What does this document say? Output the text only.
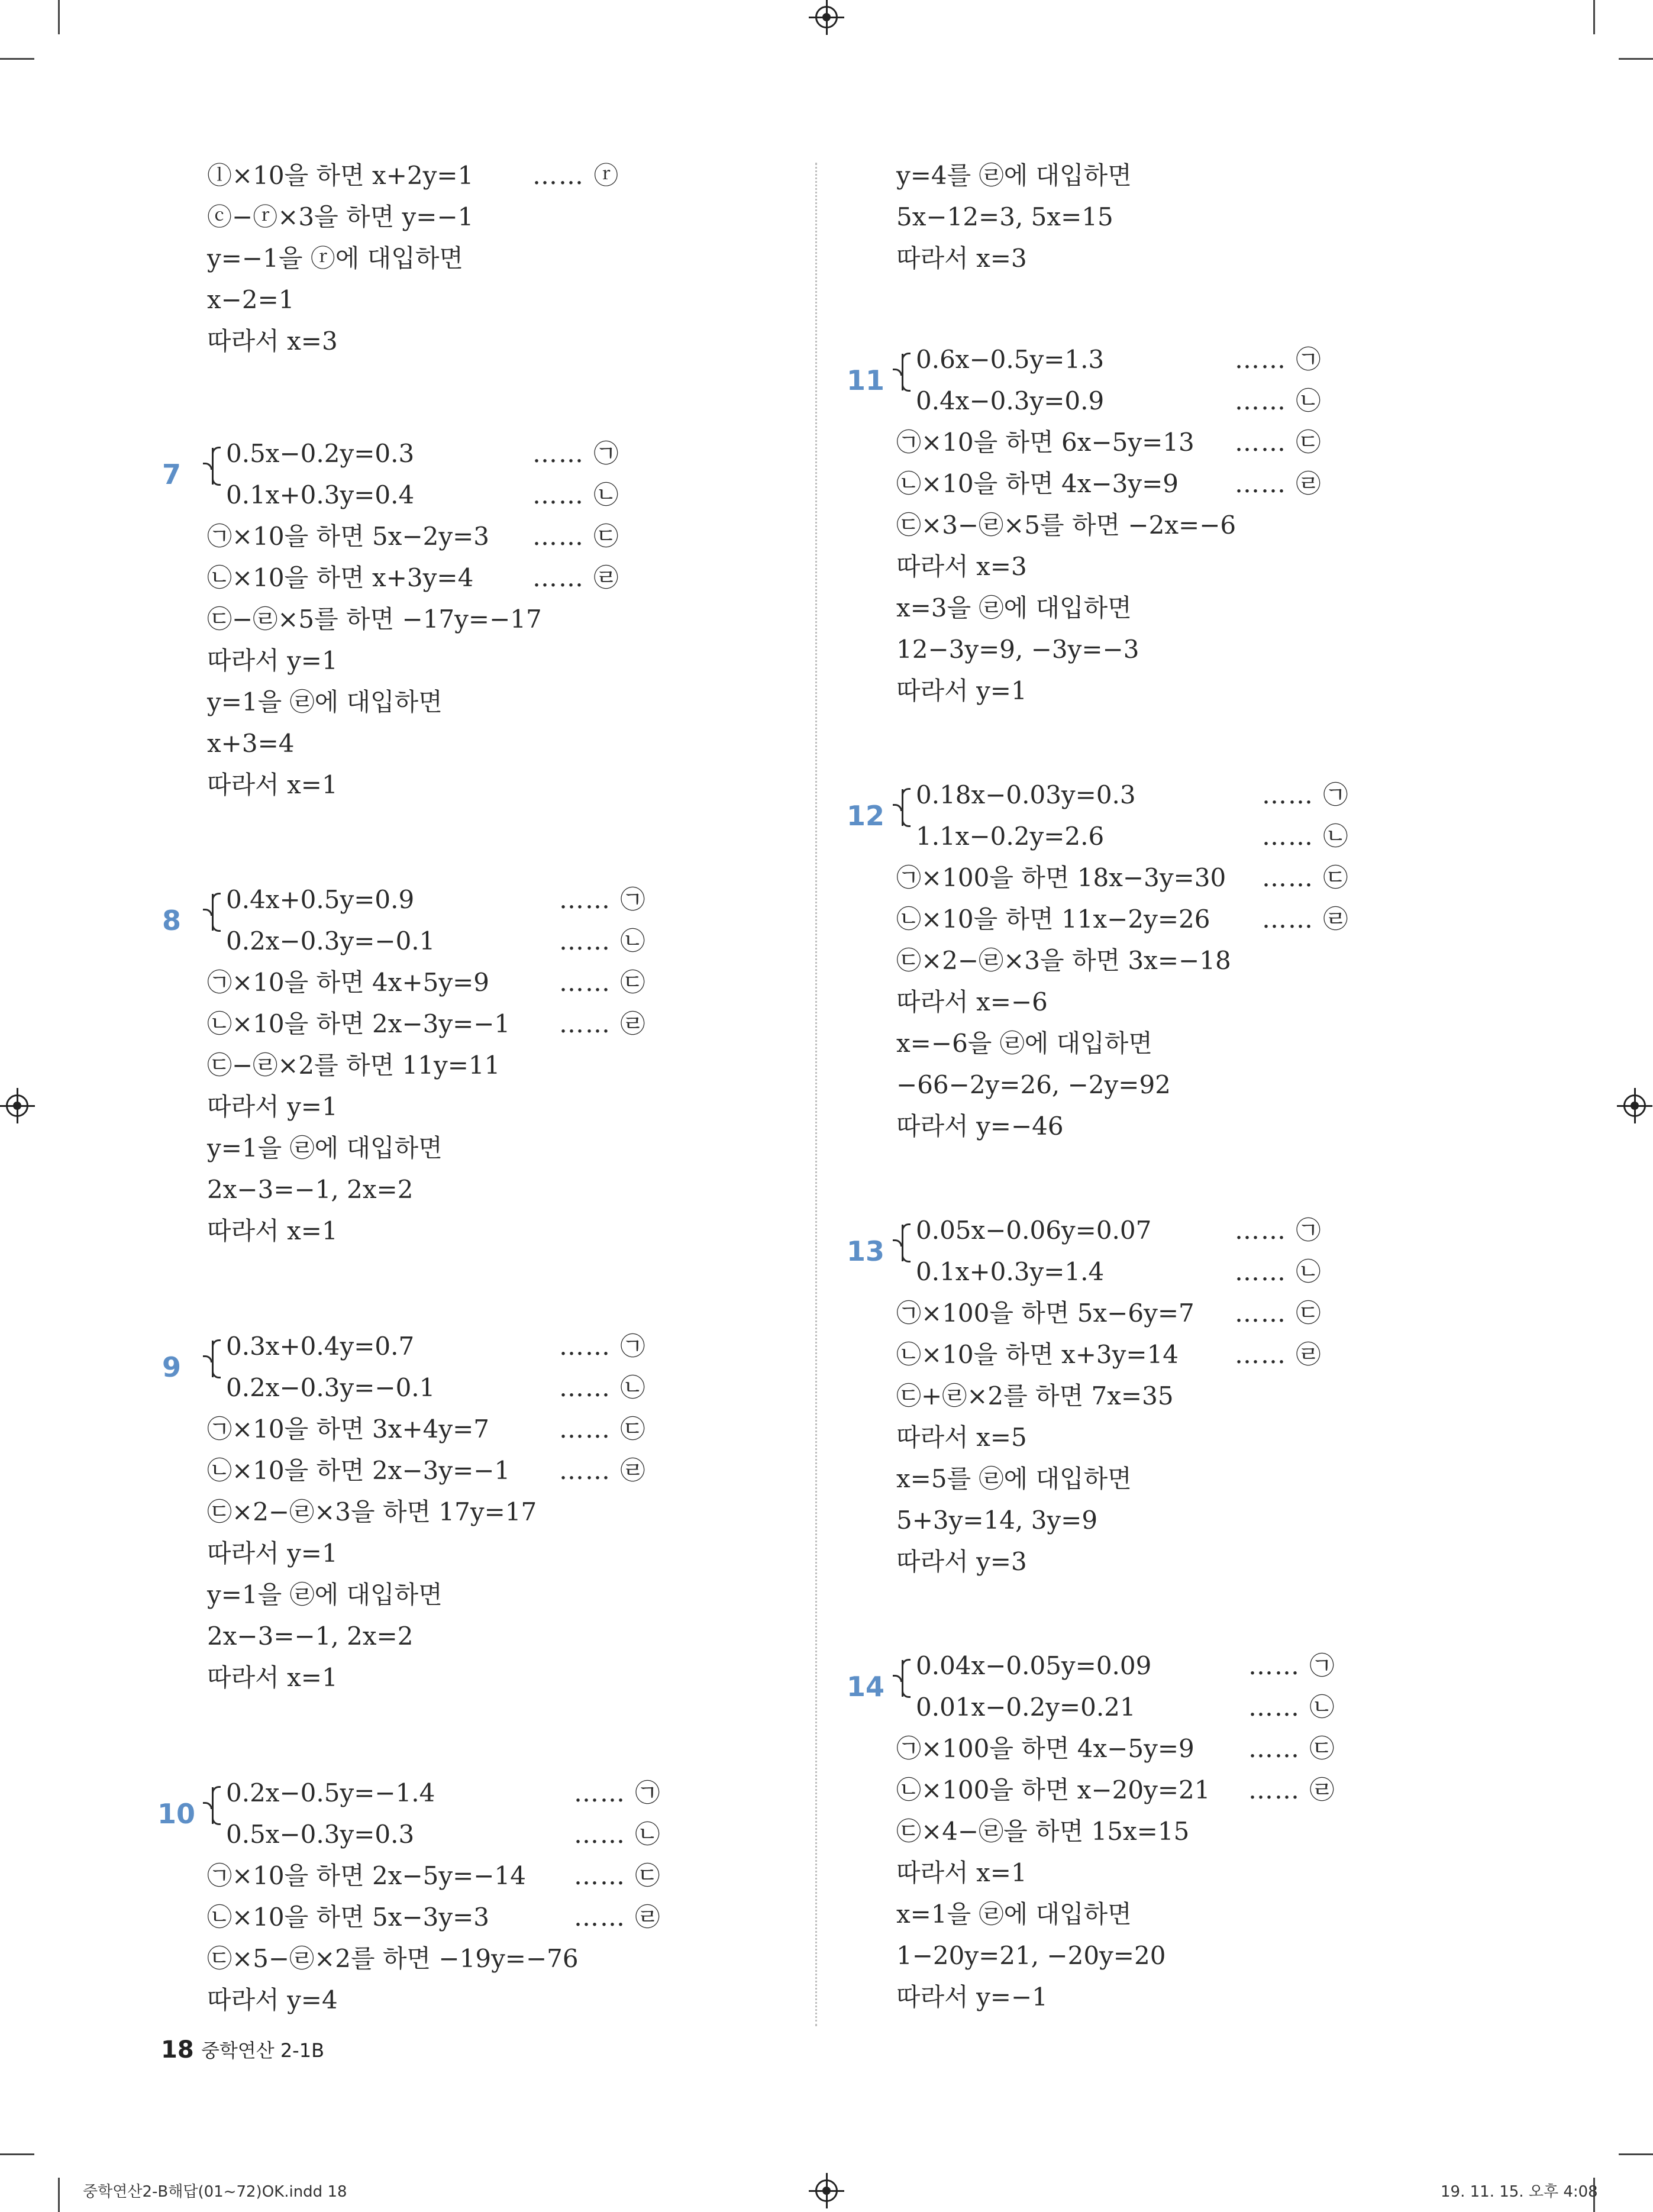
ⓛ×10을 하면 x+2y=1 …… ⓡ
ⓒ−ⓡ×3을 하면 y=−1
y=−1을 ⓡ에 대입하면
x−2=1
따라서 x=3
7
0.5x−0.2y=0.3	…… ㉠
0.1x+0.3y=0.4	…… ㉡
㉠×10을 하면 5x−2y=3 …… ㉢
㉡×10을 하면 x+3y=4 …… ㉣
㉢−㉣×5를 하면 −17y=−17
따라서 y=1
y=1을 ㉣에 대입하면
x+3=4
따라서 x=1
8
0.4x+0.5y=0.9	…… ㉠
0.2x−0.3y=−0.1	…… ㉡
㉠×10을 하면 4x+5y=9	…… ㉢
㉡×10을 하면 2x−3y=−1 …… ㉣
㉢−㉣×2를 하면 11y=11
따라서 y=1
y=1을 ㉣에 대입하면
2x−3=−1, 2x=2
따라서 x=1
9
0.3x+0.4y=0.7	…… ㉠
0.2x−0.3y=−0.1	…… ㉡
㉠×10을 하면 3x+4y=7	…… ㉢
㉡×10을 하면 2x−3y=−1 …… ㉣
㉢×2−㉣×3을 하면 17y=17
따라서 y=1
y=1을 ㉣에 대입하면
2x−3=−1, 2x=2
따라서 x=1
10
0.2x−0.5y=−1.4	…… ㉠
0.5x−0.3y=0.3	…… ㉡
㉠×10을 하면 2x−5y=−14 …… ㉢
㉡×10을 하면 5x−3y=3	…… ㉣
㉢×5−㉣×2를 하면 −19y=−76
따라서 y=4
y=4를 ㉣에 대입하면
5x−12=3, 5x=15
따라서 x=3
11
0.6x−0.5y=1.3	…… ㉠
0.4x−0.3y=0.9	…… ㉡
㉠×10을 하면 6x−5y=13 …… ㉢
㉡×10을 하면 4x−3y=9 …… ㉣
㉢×3−㉣×5를 하면 −2x=−6
따라서 x=3
x=3을 ㉣에 대입하면
12−3y=9, −3y=−3
따라서 y=1
12
0.18x−0.03y=0.3	…… ㉠
1.1x−0.2y=2.6	…… ㉡
㉠×100을 하면 18x−3y=30 …… ㉢
㉡×10을 하면 11x−2y=26 …… ㉣
㉢×2−㉣×3을 하면 3x=−18
따라서 x=−6
x=−6을 ㉣에 대입하면
−66−2y=26, −2y=92
따라서 y=−46
13
0.05x−0.06y=0.07	…… ㉠
0.1x+0.3y=1.4	…… ㉡
㉠×100을 하면 5x−6y=7 …… ㉢
㉡×10을 하면 x+3y=14 …… ㉣
㉢+㉣×2를 하면 7x=35
따라서 x=5
x=5를 ㉣에 대입하면
5+3y=14, 3y=9
따라서 y=3
14
0.04x−0.05y=0.09	…… ㉠
0.01x−0.2y=0.21	…… ㉡
㉠×100을 하면 4x−5y=9 …… ㉢
㉡×100을 하면 x−20y=21 …… ㉣
㉢×4−㉣을 하면 15x=15
따라서 x=1
x=1을 ㉣에 대입하면
1−20y=21, −20y=20
따라서 y=−1
18 중학연산 2-1B
중학연산2-B해답(01~72)OK.indd 18	19. 11. 15. 오후 4:08
